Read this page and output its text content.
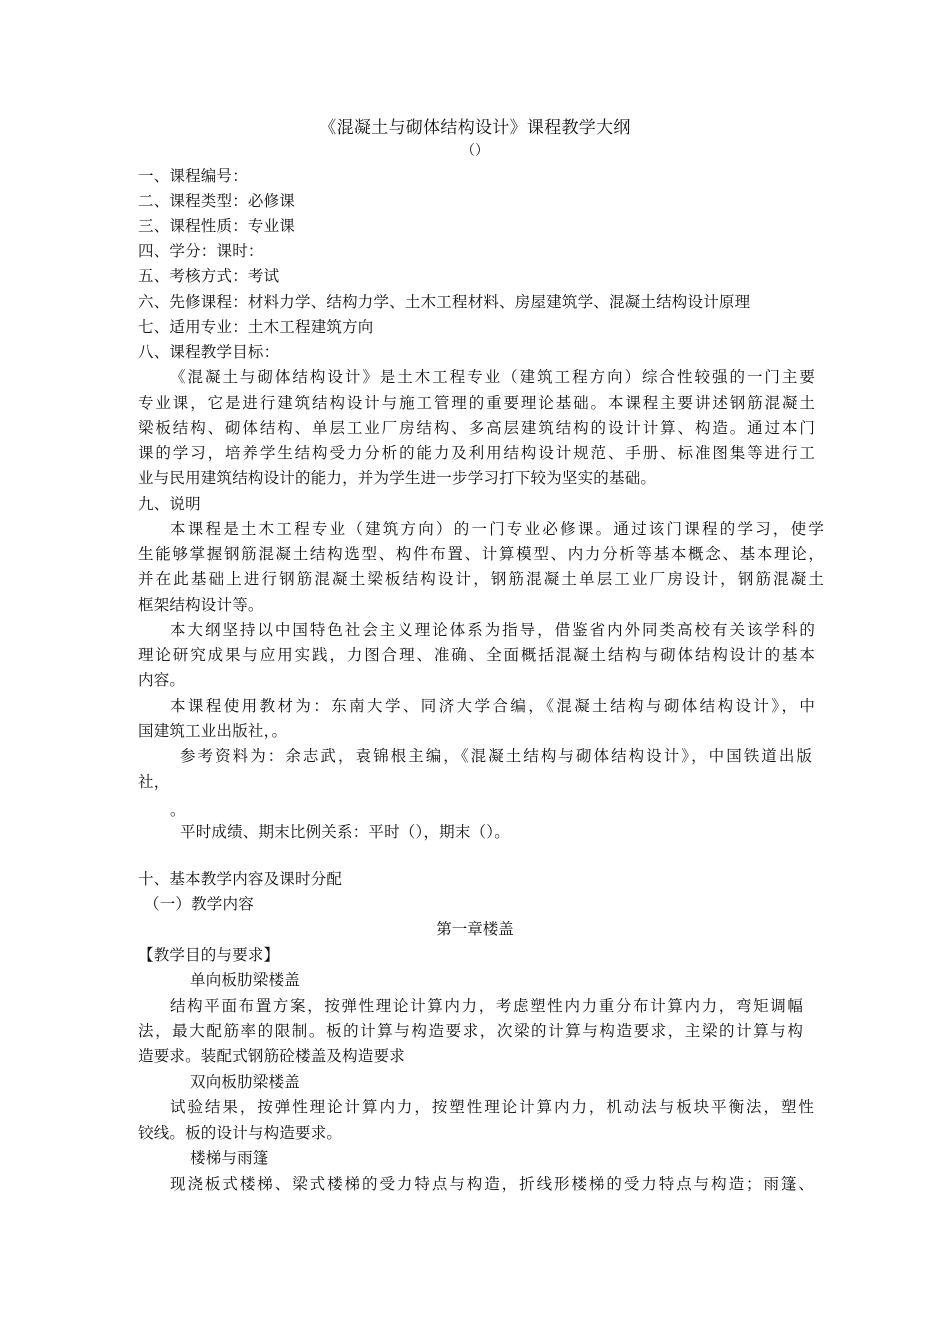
《混凝土与砌体结构设计》课程教学大纲
（）
一、课程编号：
二、课程类型：必修课
三、课程性质：专业课
四、学分：课时：
五、考核方式：考试
六、先修课程：材料力学、结构力学、土木工程材料、房屋建筑学、混凝土结构设计原理
七、适用专业：土木工程建筑方向
八、课程教学目标：
《混凝土与砌体结构设计》是土木工程专业（建筑工程方向）综合性较强的一门主要
专业课，它是进行建筑结构设计与施工管理的重要理论基础。本课程主要讲述钢筋混凝土
梁板结构、砌体结构、单层工业厂房结构、多高层建筑结构的设计计算、构造。通过本门
课的学习，培养学生结构受力分析的能力及利用结构设计规范、手册、标准图集等进行工
业与民用建筑结构设计的能力，并为学生进一步学习打下较为坚实的基础。
九、说明
本课程是土木工程专业（建筑方向）的一门专业必修课。通过该门课程的学习，使学
生能够掌握钢筋混凝土结构选型、构件布置、计算模型、内力分析等基本概念、基本理论，
并在此基础上进行钢筋混凝土梁板结构设计，钢筋混凝土单层工业厂房设计，钢筋混凝土
框架结构设计等。
本大纲坚持以中国特色社会主义理论体系为指导，借鉴省内外同类高校有关该学科的
理论研究成果与应用实践，力图合理、准确、全面概括混凝土结构与砌体结构设计的基本
内容。
本课程使用教材为：东南大学、同济大学合编，《混凝土结构与砌体结构设计》，中
国建筑工业出版社，。
参考资料为：余志武，袁锦根主编，《混凝土结构与砌体结构设计》，中国铁道出版
社，
。
平时成绩、期末比例关系：平时（），期末（）。
十、基本教学内容及课时分配
（一）教学内容
第一章楼盖
【教学目的与要求】
单向板肋梁楼盖
结构平面布置方案，按弹性理论计算内力，考虑塑性内力重分布计算内力，弯矩调幅
法，最大配筋率的限制。板的计算与构造要求，次梁的计算与构造要求，主梁的计算与构
造要求。装配式钢筋砼楼盖及构造要求
双向板肋梁楼盖
试验结果，按弹性理论计算内力，按塑性理论计算内力，机动法与板块平衡法，塑性
铰线。板的设计与构造要求。
楼梯与雨篷
现浇板式楼梯、梁式楼梯的受力特点与构造，折线形楼梯的受力特点与构造；雨篷、
